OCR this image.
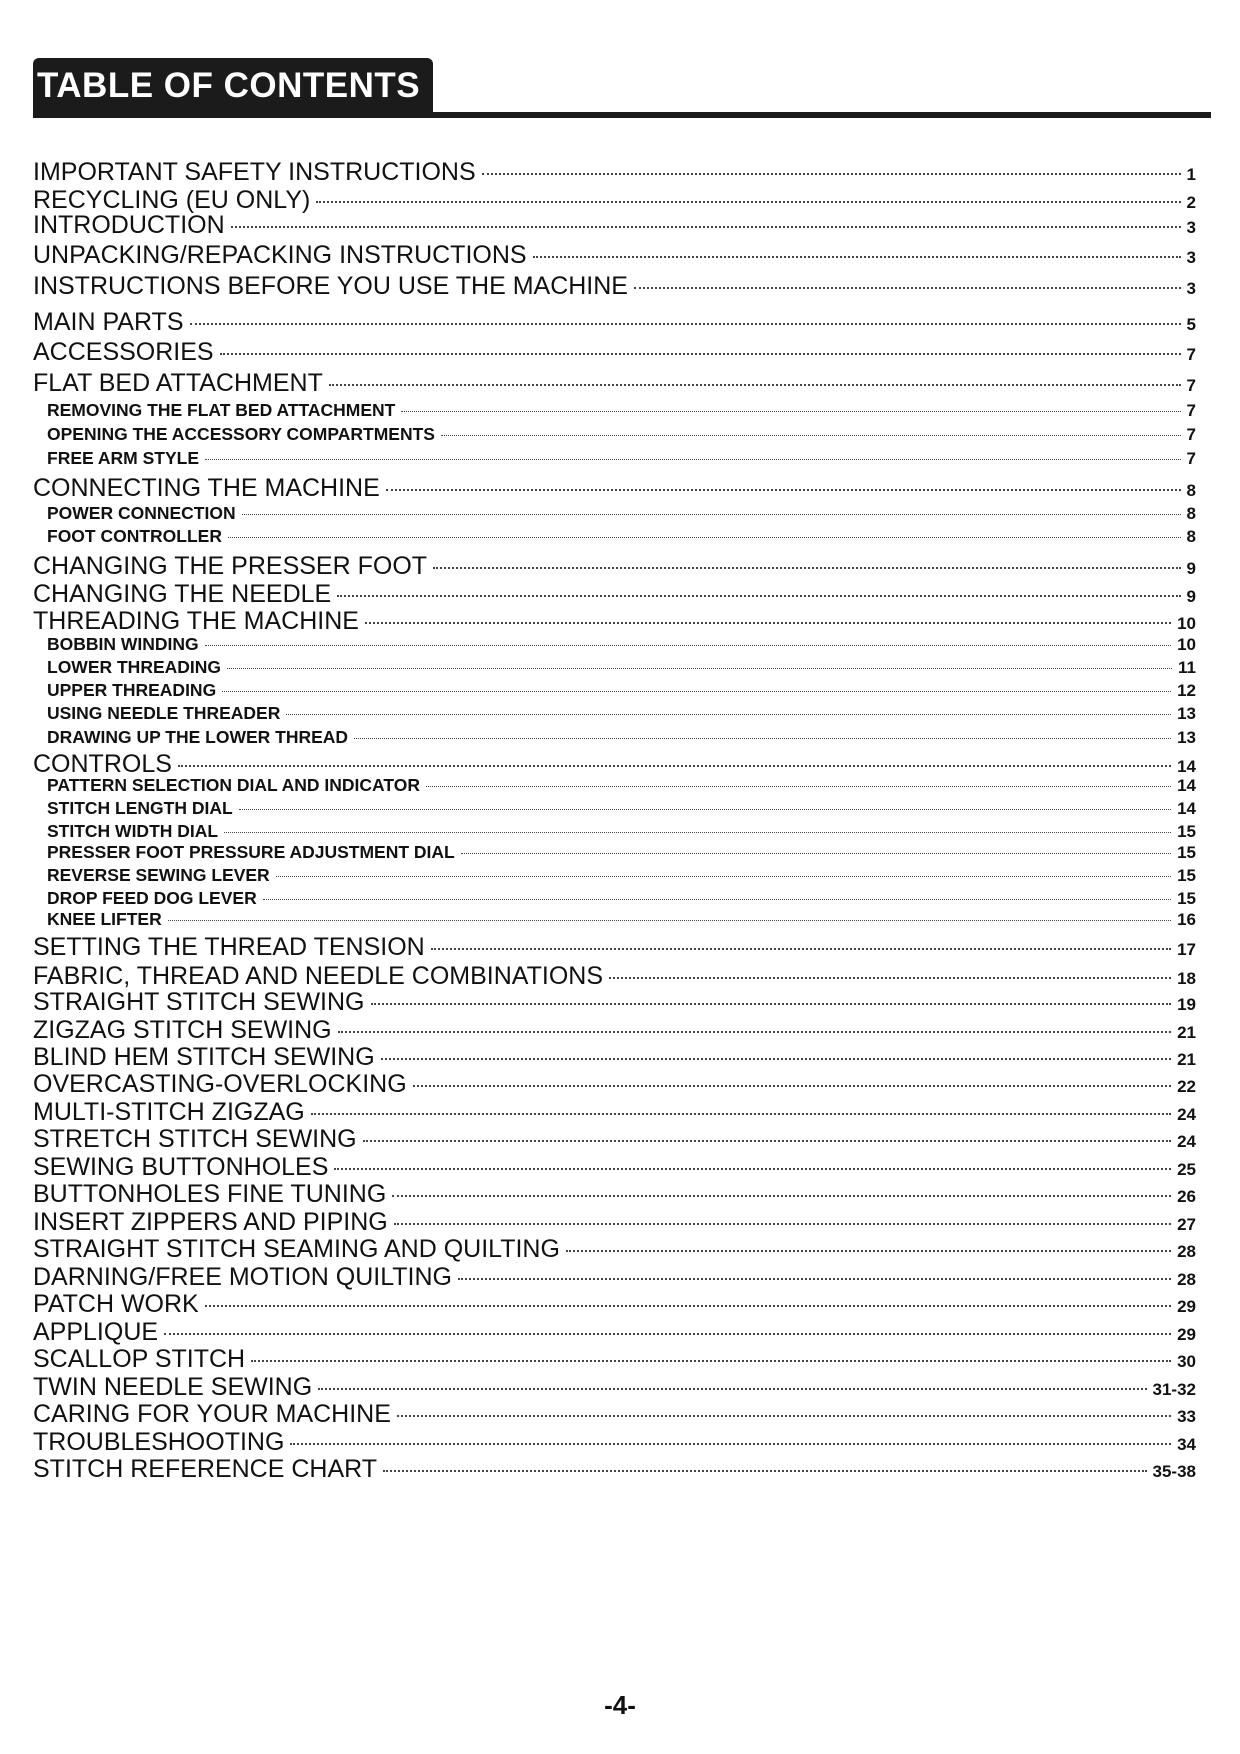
TABLE OF CONTENTS
IMPORTANT SAFETY INSTRUCTIONS	1
RECYCLING (EU ONLY)	2
INTRODUCTION	3
UNPACKING/REPACKING INSTRUCTIONS	3
INSTRUCTIONS BEFORE YOU USE THE MACHINE	3
MAIN PARTS	5
ACCESSORIES	7
FLAT BED ATTACHMENT	7
REMOVING THE FLAT BED ATTACHMENT	7
OPENING THE ACCESSORY COMPARTMENTS	7
FREE ARM STYLE	7
CONNECTING THE MACHINE	8
POWER CONNECTION	8
FOOT CONTROLLER	8
CHANGING THE PRESSER FOOT	9
CHANGING THE NEEDLE	9
THREADING THE MACHINE	10
BOBBIN WINDING	10
LOWER THREADING	11
UPPER THREADING	12
USING NEEDLE THREADER	13
DRAWING UP THE LOWER THREAD	13
CONTROLS	14
PATTERN SELECTION DIAL AND INDICATOR	14
STITCH LENGTH DIAL	14
STITCH WIDTH DIAL	15
PRESSER FOOT PRESSURE ADJUSTMENT DIAL	15
REVERSE SEWING LEVER	15
DROP FEED DOG LEVER	15
KNEE LIFTER	16
SETTING THE THREAD TENSION	17
FABRIC, THREAD AND NEEDLE COMBINATIONS	18
STRAIGHT STITCH SEWING	19
ZIGZAG STITCH SEWING	21
BLIND HEM STITCH SEWING	21
OVERCASTING-OVERLOCKING	22
MULTI-STITCH ZIGZAG	24
STRETCH STITCH SEWING	24
SEWING BUTTONHOLES	25
BUTTONHOLES FINE TUNING	26
INSERT ZIPPERS AND PIPING	27
STRAIGHT STITCH SEAMING AND QUILTING	28
DARNING/FREE MOTION QUILTING	28
PATCH WORK	29
APPLIQUE	29
SCALLOP STITCH	30
TWIN NEEDLE SEWING	31-32
CARING FOR YOUR MACHINE	33
TROUBLESHOOTING	34
STITCH REFERENCE CHART	35-38
-4-
